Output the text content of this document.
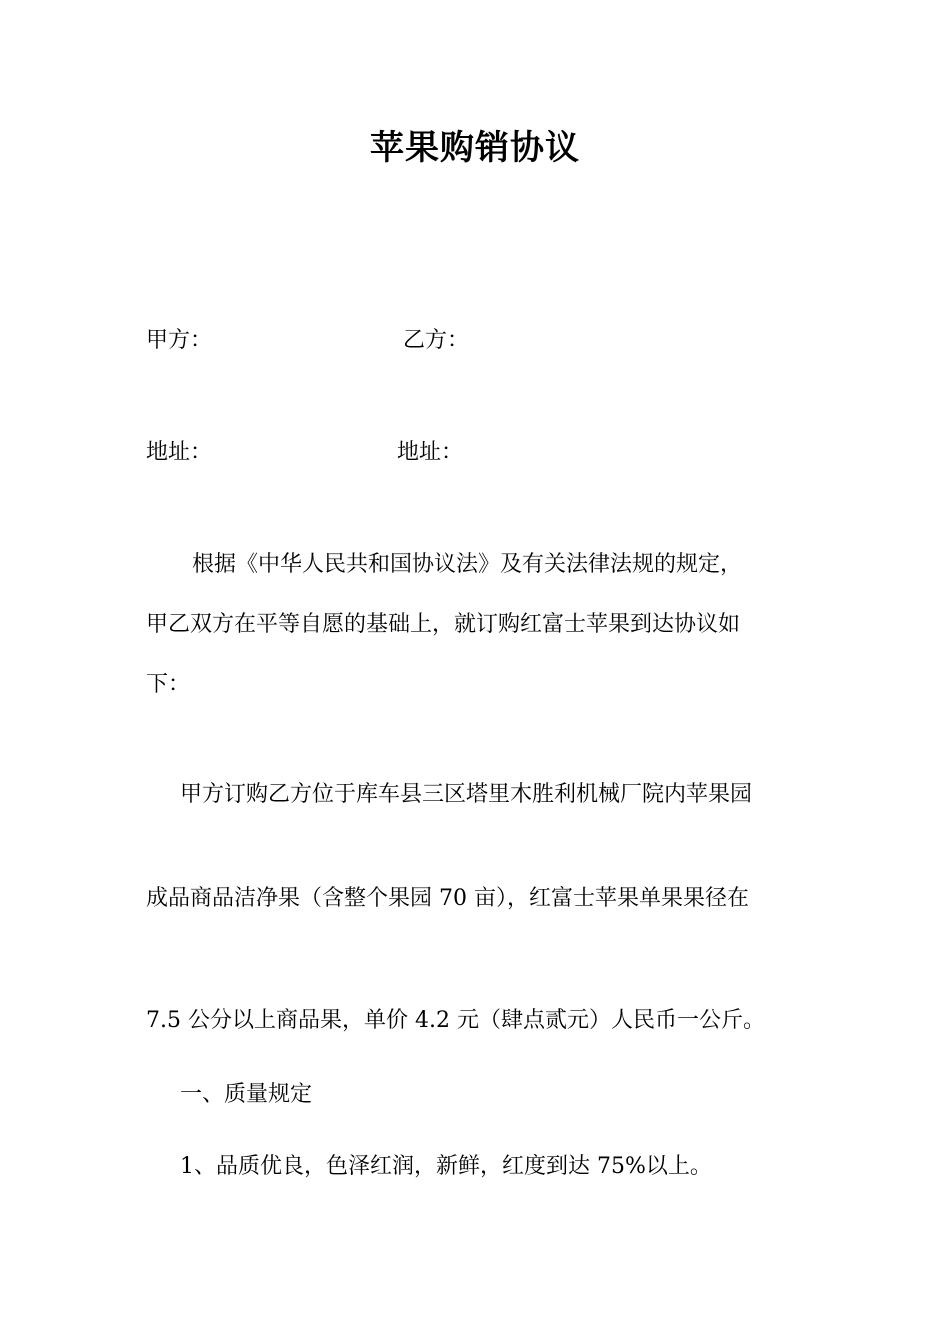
苹果购销协议
甲方：	乙方：
地址：	地址：
根据《中华人民共和国协议法》及有关法律法规的规定，
甲乙双方在平等自愿的基础上，就订购红富士苹果到达协议如
下：
甲方订购乙方位于库车县三区塔里木胜利机械厂院内苹果园
成品商品洁净果（含整个果园 70 亩），红富士苹果单果果径在
7.5 公分以上商品果，单价 4.2 元（肆点贰元）人民币一公斤。
一、质量规定
1、品质优良，色泽红润，新鲜，红度到达 75%以上。
